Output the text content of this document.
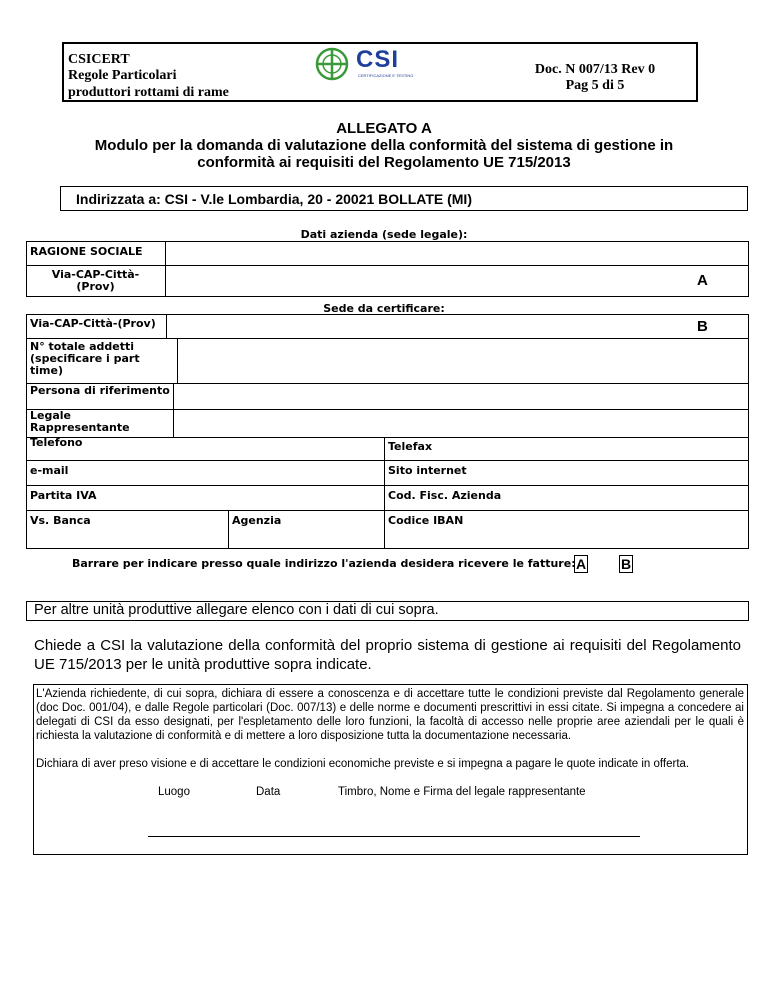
CSICERT
Regole Particolari
produttori rottami di rame
CSI
CERTIFICAZIONE E TESTING	Doc. N 007/13 Rev 0
Pag 5 di 5
ALLEGATO A
Modulo per la domanda di valutazione della conformità del sistema di gestione in
conformità ai requisiti del Regolamento UE 715/2013
Indirizzata a: CSI - V.le Lombardia, 20 - 20021 BOLLATE (MI)
Dati azienda (sede legale):
RAGIONE SOCIALE
Via-CAP-Città-
(Prov)	A
Sede da certificare:
Via-CAP-Città-(Prov)	B
N° totale addetti
(specificare i part
time)
Persona di riferimento
Legale
Rappresentante
Telefono	Telefax
e-mail	Sito internet
Partita IVA	Cod. Fisc. Azienda
Vs. Banca	Agenzia	Codice IBAN
Barrare per indicare presso quale indirizzo l'azienda desidera ricevere le fatture: A B
Per altre unità produttive allegare elenco con i dati di cui sopra.
Chiede a CSI la valutazione della conformità del proprio sistema di gestione ai requisiti del Regolamento UE 715/2013 per le unità produttive sopra indicate.
L'Azienda richiedente, di cui sopra, dichiara di essere a conoscenza e di accettare tutte le condizioni previste dal Regolamento generale (doc Doc. 001/04), e dalle Regole particolari (Doc. 007/13) e delle norme e documenti prescrittivi in essi citate. Si impegna a concedere ai delegati di CSI da esso designati, per l'espletamento delle loro funzioni, la facoltà di accesso nelle proprie aree aziendali per le quali è richiesta la valutazione di conformità e di mettere a loro disposizione tutta la documentazione necessaria.
Dichiara di aver preso visione e di accettare le condizioni economiche previste e si impegna a pagare le quote indicate in offerta.
Luogo	Data	Timbro, Nome e Firma del legale rappresentante
